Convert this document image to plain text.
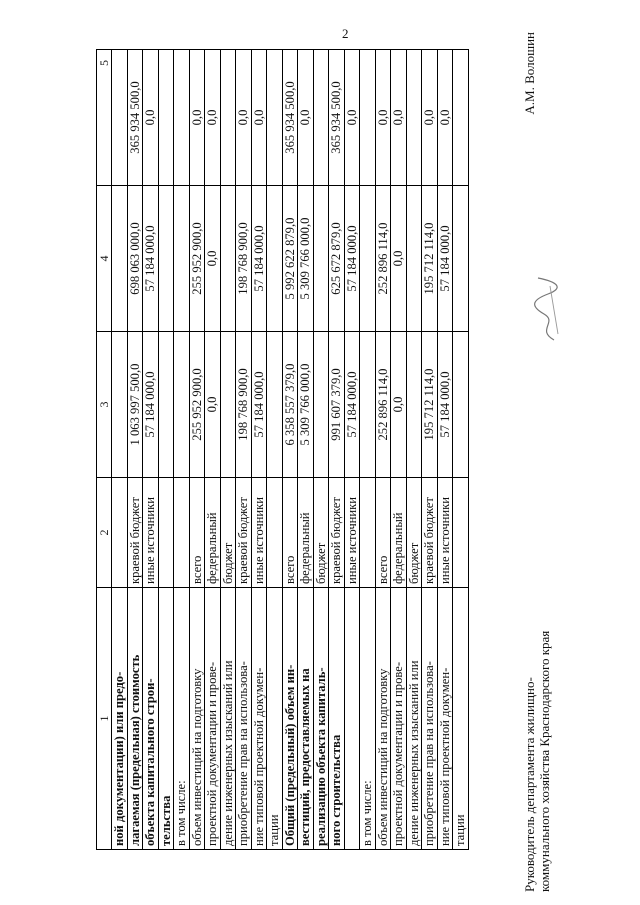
2
1	2	3	4	5
ной документации) или предо-				
лагаемая (предельная) стоимость	краевой бюджет	1 063 997 500,0	698 063 000,0	365 934 500,0
объекта капитального строи-	иные источники	57 184 000,0	57 184 000,0	0,0
тельства				
в том числе:				
объем инвестиций на подготовку	всего	255 952 900,0	255 952 900,0	0,0
проектной документации и прове-	федеральный	0,0	0,0	0,0
дение инженерных изысканий или	бюджет			
приобретение прав на использова-	краевой бюджет	198 768 900,0	198 768 900,0	0,0
ние типовой проектной докумен-	иные источники	57 184 000,0	57 184 000,0	0,0
тации				
Общий (предельный) объем ин-	всего	6 358 557 379,0	5 992 622 879,0	365 934 500,0
вестиций, предоставляемых на	федеральный	5 309 766 000,0	5 309 766 000,0	0,0
реализацию объекта капиталь-	бюджет			
ного строительства	краевой бюджет	991 607 379,0	625 672 879,0	365 934 500,0
	иные источники	57 184 000,0	57 184 000,0	0,0
в том числе:				
объем инвестиций на подготовку	всего	252 896 114,0	252 896 114,0	0,0
проектной документации и прове-	федеральный	0,0	0,0	0,0
дение инженерных изысканий или	бюджет			
приобретение прав на использова-	краевой бюджет	195 712 114,0	195 712 114,0	0,0
ние типовой проектной докумен-	иные источники	57 184 000,0	57 184 000,0	0,0
тации					Руководитель департамента жилищно- коммунального хозяйства Краснодарского края
А.М. Волошин
